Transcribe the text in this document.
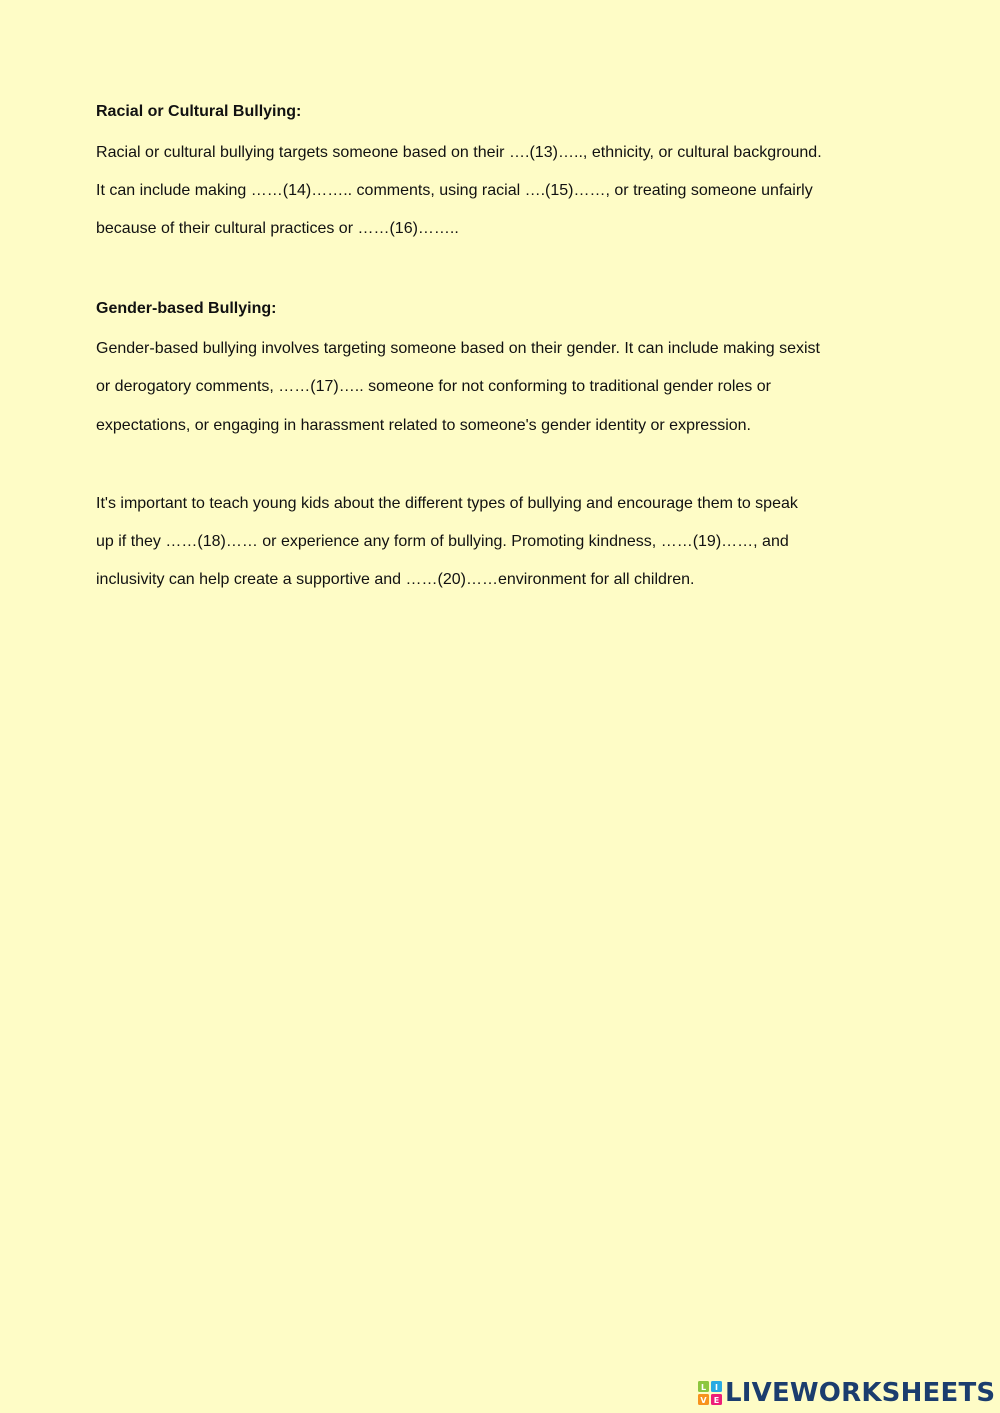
Racial or Cultural Bullying:
Racial or cultural bullying targets someone based on their ….(13)….., ethnicity, or cultural background.
It can include making ……(14)…….. comments, using racial ….(15)……, or treating someone unfairly
because of their cultural practices or ……(16)……..
Gender-based Bullying:
Gender-based bullying involves targeting someone based on their gender. It can include making sexist
or derogatory comments, ……(17)….. someone for not conforming to traditional gender roles or
expectations, or engaging in harassment related to someone's gender identity or expression.
It's important to teach young kids about the different types of bullying and encourage them to speak
up if they ……(18)…… or experience any form of bullying. Promoting kindness, ……(19)……, and
inclusivity can help create a supportive and ……(20)……environment for all children.
L I
V E LIVEWORKSHEETS
